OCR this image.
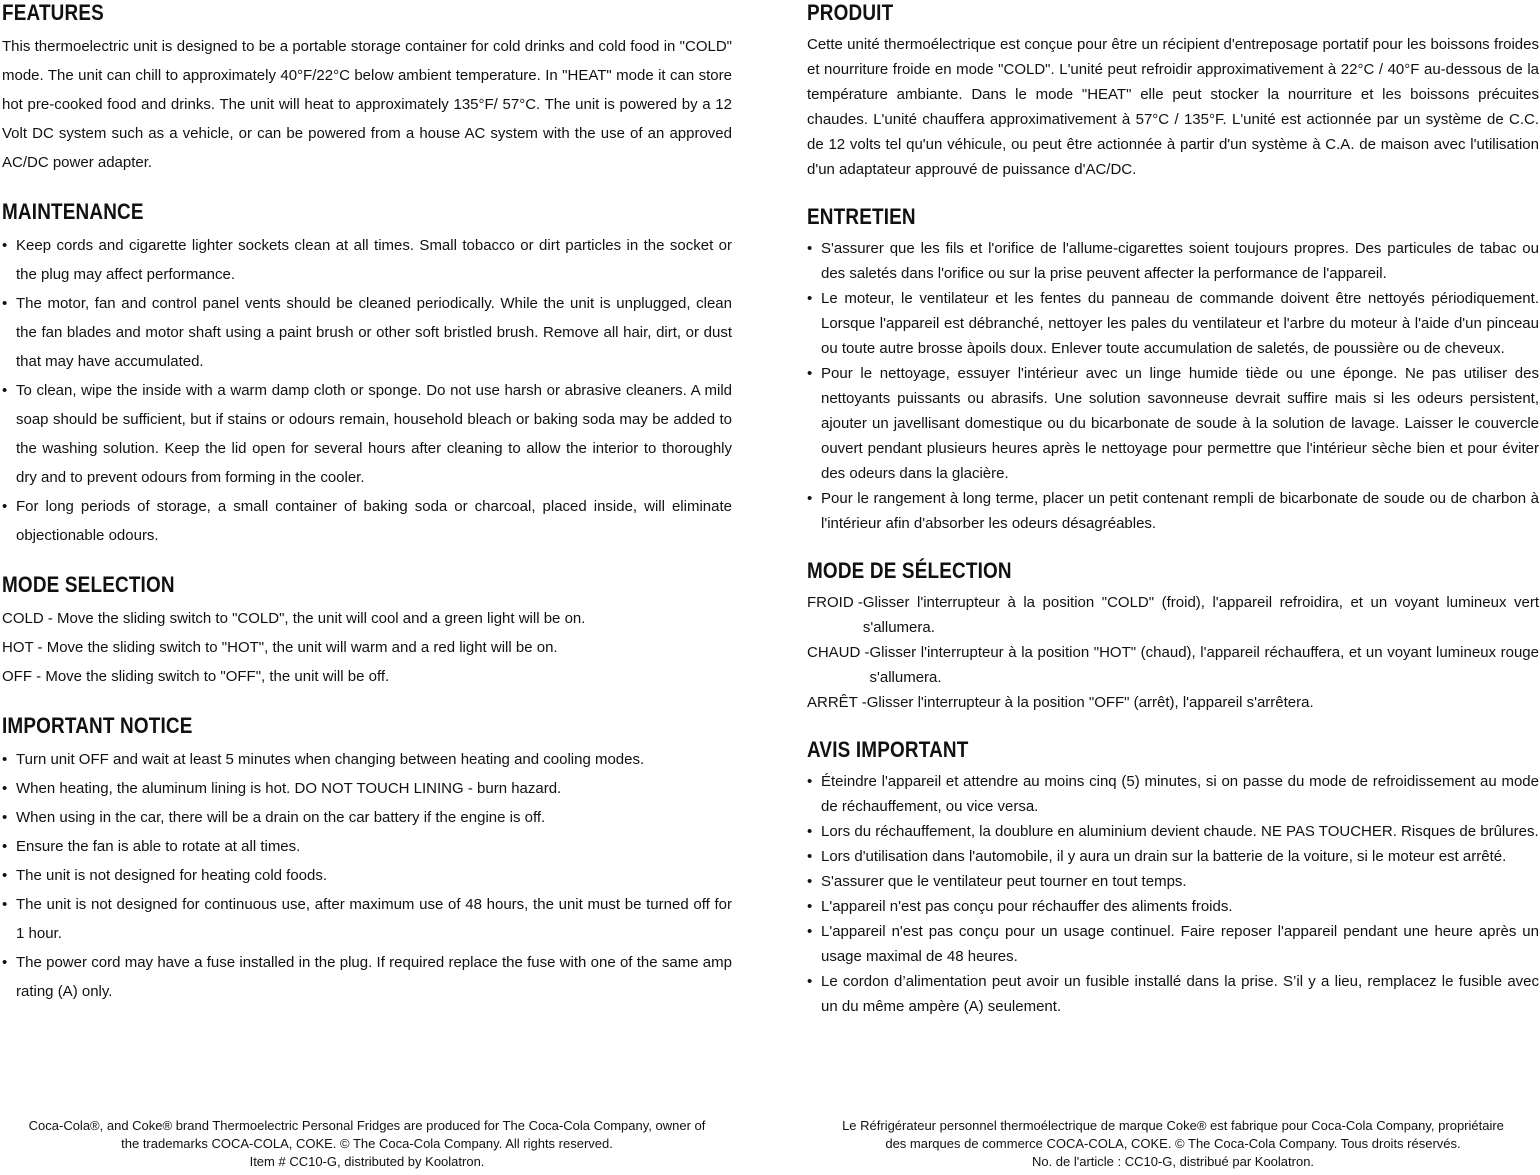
FEATURES

This thermoelectric unit is designed to be a portable storage container for cold drinks and cold food in "COLD" mode. The unit can chill to approximately 40°F/22°C below ambient temperature. In "HEAT" mode it can store hot pre-cooked food and drinks. The unit will heat to approximately 135°F/ 57°C. The unit is powered by a 12 Volt DC system such as a vehicle, or can be powered from a house AC system with the use of an approved AC/DC power adapter.

MAINTENANCE
• Keep cords and cigarette lighter sockets clean at all times. Small tobacco or dirt particles in the socket or the plug may affect performance.
• The motor, fan and control panel vents should be cleaned periodically. While the unit is unplugged, clean the fan blades and motor shaft using a paint brush or other soft bristled brush. Remove all hair, dirt, or dust that may have accumulated.
• To clean, wipe the inside with a warm damp cloth or sponge. Do not use harsh or abrasive cleaners. A mild soap should be sufficient, but if stains or odours remain, household bleach or baking soda may be added to the washing solution. Keep the lid open for several hours after cleaning to allow the interior to thoroughly dry and to prevent odours from forming in the cooler.
• For long periods of storage, a small container of baking soda or charcoal, placed inside, will eliminate objectionable odours.
MODE SELECTION

COLD - Move the sliding switch to "COLD", the unit will cool and a green light will be on.

HOT - Move the sliding switch to "HOT", the unit will warm and a red light will be on.

OFF - Move the sliding switch to "OFF", the unit will be off.

IMPORTANT NOTICE
• Turn unit OFF and wait at least 5 minutes when changing between heating and cooling modes.
• When heating, the aluminum lining is hot. DO NOT TOUCH LINING - burn hazard.
• When using in the car, there will be a drain on the car battery if the engine is off.
• Ensure the fan is able to rotate at all times.
• The unit is not designed for heating cold foods.
• The unit is not designed for continuous use, after maximum use of 48 hours, the unit must be turned off for 1 hour.
• The power cord may have a fuse installed in the plug. If required replace the fuse with one of the same amp rating (A) only.
PRODUIT

Cette unité thermoélectrique est conçue pour être un récipient d'entreposage portatif pour les boissons froides et nourriture froide en mode "COLD". L'unité peut refroidir approximativement à 22°C / 40°F au-dessous de la température ambiante. Dans le mode "HEAT" elle peut stocker la nourriture et les boissons précuites chaudes. L'unité chauffera approximativement à 57°C / 135°F. L'unité est actionnée par un système de C.C. de 12 volts tel qu'un véhicule, ou peut être actionnée à partir d'un système à C.A. de maison avec l'utilisation d'un adaptateur approuvé de puissance d'AC/DC.

ENTRETIEN
• S'assurer que les fils et l'orifice de l'allume-cigarettes soient toujours propres. Des particules de tabac ou des saletés dans l'orifice ou sur la prise peuvent affecter la performance de l'appareil.
• Le moteur, le ventilateur et les fentes du panneau de commande doivent être nettoyés périodiquement. Lorsque l'appareil est débranché, nettoyer les pales du ventilateur et l'arbre du moteur à l'aide d'un pinceau ou toute autre brosse àpoils doux. Enlever toute accumulation de saletés, de poussière ou de cheveux.
• Pour le nettoyage, essuyer l'intérieur avec un linge humide tiède ou une éponge. Ne pas utiliser des nettoyants puissants ou abrasifs. Une solution savonneuse devrait suffire mais si les odeurs persistent, ajouter un javellisant domestique ou du bicarbonate de soude à la solution de lavage. Laisser le couvercle ouvert pendant plusieurs heures après le nettoyage pour permettre que l'intérieur sèche bien et pour éviter des odeurs dans la glacière.
• Pour le rangement à long terme, placer un petit contenant rempli de bicarbonate de soude ou de charbon à l'intérieur afin d'absorber les odeurs désagréables.
MODE DE SÉLECTION
FROID - Glisser l'interrupteur à la position "COLD" (froid), l'appareil refroidira, et un voyant lumineux vert s'allumera.
CHAUD - Glisser l'interrupteur à la position "HOT" (chaud), l'appareil réchauffera, et un voyant lumineux rouge s'allumera.
ARRÊT - Glisser l'interrupteur à la position "OFF" (arrêt), l'appareil s'arrêtera.
AVIS IMPORTANT
• Éteindre l'appareil et attendre au moins cinq (5) minutes, si on passe du mode de refroidissement au mode de réchauffement, ou vice versa.
• Lors du réchauffement, la doublure en aluminium devient chaude. NE PAS TOUCHER. Risques de brûlures.
• Lors d'utilisation dans l'automobile, il y aura un drain sur la batterie de la voiture, si le moteur est arrêté.
• S'assurer que le ventilateur peut tourner en tout temps.
• L'appareil n'est pas conçu pour réchauffer des aliments froids.
• L'appareil n'est pas conçu pour un usage continuel. Faire reposer l'appareil pendant une heure après un usage maximal de 48 heures.
• Le cordon d’alimentation peut avoir un fusible installé dans la prise. S’il y a lieu, remplacez le fusible avec un du même ampère (A) seulement.

Coca-Cola®, and Coke® brand Thermoelectric Personal Fridges are produced for The Coca-Cola Company, owner of

the trademarks COCA-COLA, COKE. © The Coca-Cola Company. All rights reserved.

Item # CC10-G, distributed by Koolatron.

Le Réfrigérateur personnel thermoélectrique de marque Coke® est fabrique pour Coca-Cola Company, propriétaire

des marques de commerce COCA-COLA, COKE. © The Coca-Cola Company. Tous droits réservés.

No. de l'article : CC10-G, distribué par Koolatron.
